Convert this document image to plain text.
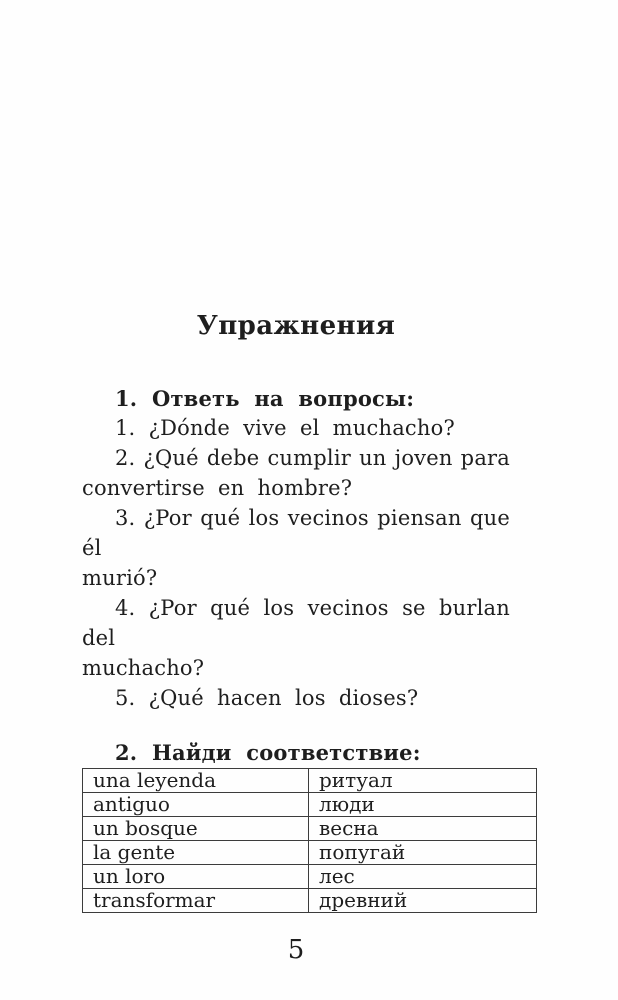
Упражнения

1. Ответь на вопросы:

1. ¿Dónde vive el muchacho?
2. ¿Qué debe cumplir un joven para
convertirse en hombre?
3. ¿Por qué los vecinos piensan que él
murió?
4. ¿Por qué los vecinos se burlan del
muchacho?
5. ¿Qué hacen los dioses?

2. Найди соответствие:

una leyenda	ритуал
antiguo	люди
un bosque	весна
la gente	попугай
un loro	лес
transformar	древний
5
